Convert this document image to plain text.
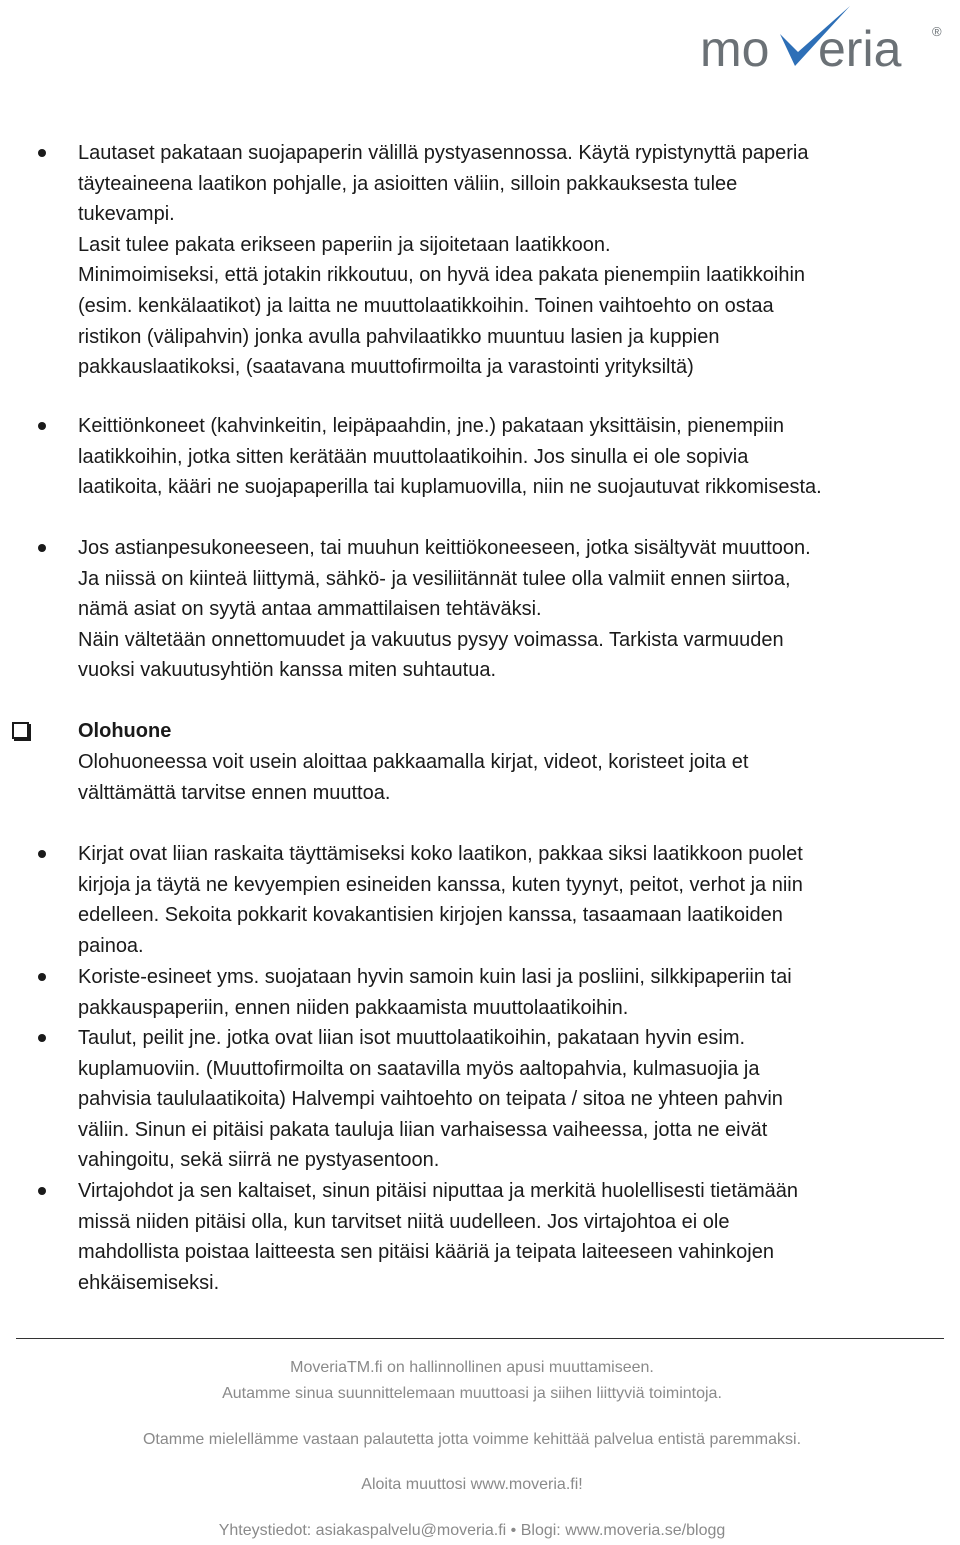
mo eria ®
Lautaset pakataan suojapaperin välillä pystyasennossa. Käytä rypistynyttä paperia
täyteaineena laatikon pohjalle, ja asioitten väliin, silloin pakkauksesta tulee
tukevampi.
Lasit tulee pakata erikseen paperiin ja sijoitetaan laatikkoon.
Minimoimiseksi, että jotakin rikkoutuu, on hyvä idea pakata pienempiin laatikkoihin
(esim. kenkälaatikot) ja laitta ne muuttolaatikkoihin. Toinen vaihtoehto on ostaa
ristikon (välipahvin) jonka avulla pahvilaatikko muuntuu lasien ja kuppien
pakkauslaatikoksi, (saatavana muuttofirmoilta ja varastointi yrityksiltä)
Keittiönkoneet (kahvinkeitin, leipäpaahdin, jne.) pakataan yksittäisin, pienempiin
laatikkoihin, jotka sitten kerätään muuttolaatikoihin. Jos sinulla ei ole sopivia
laatikoita, kääri ne suojapaperilla tai kuplamuovilla, niin ne suojautuvat rikkomisesta.
Jos astianpesukoneeseen, tai muuhun keittiökoneeseen, jotka sisältyvät muuttoon.
Ja niissä on kiinteä liittymä, sähkö- ja vesiliitännät tulee olla valmiit ennen siirtoa,
nämä asiat on syytä antaa ammattilaisen tehtäväksi.
Näin vältetään onnettomuudet ja vakuutus pysyy voimassa. Tarkista varmuuden
vuoksi vakuutusyhtiön kanssa miten suhtautua.
Kirjat ovat liian raskaita täyttämiseksi koko laatikon, pakkaa siksi laatikkoon puolet
kirjoja ja täytä ne kevyempien esineiden kanssa, kuten tyynyt, peitot, verhot ja niin
edelleen. Sekoita pokkarit kovakantisien kirjojen kanssa, tasaamaan laatikoiden
painoa.
Koriste-esineet yms. suojataan hyvin samoin kuin lasi ja posliini, silkkipaperiin tai
pakkauspaperiin, ennen niiden pakkaamista muuttolaatikoihin.
Taulut, peilit jne. jotka ovat liian isot muuttolaatikoihin, pakataan hyvin esim.
kuplamuoviin. (Muuttofirmoilta on saatavilla myös aaltopahvia, kulmasuojia ja
pahvisia taululaatikoita) Halvempi vaihtoehto on teipata / sitoa ne yhteen pahvin
väliin. Sinun ei pitäisi pakata tauluja liian varhaisessa vaiheessa, jotta ne eivät
vahingoitu, sekä siirrä ne pystyasentoon.
Virtajohdot ja sen kaltaiset, sinun pitäisi niputtaa ja merkitä huolellisesti tietämään
missä niiden pitäisi olla, kun tarvitset niitä uudelleen. Jos virtajohtoa ei ole
mahdollista poistaa laitteesta sen pitäisi kääriä ja teipata laiteeseen vahinkojen
ehkäisemiseksi.
Olohuone
Olohuoneessa voit usein aloittaa pakkaamalla kirjat, videot, koristeet joita et
välttämättä tarvitse ennen muuttoa.
MoveriaTM.fi on hallinnollinen apusi muuttamiseen.
Autamme sinua suunnittelemaan muuttoasi ja siihen liittyviä toimintoja.
Otamme mielellämme vastaan palautetta jotta voimme kehittää palvelua entistä paremmaksi.
Aloita muuttosi www.moveria.fi!
Yhteystiedot: asiakaspalvelu@moveria.fi • Blogi: www.moveria.se/blogg
